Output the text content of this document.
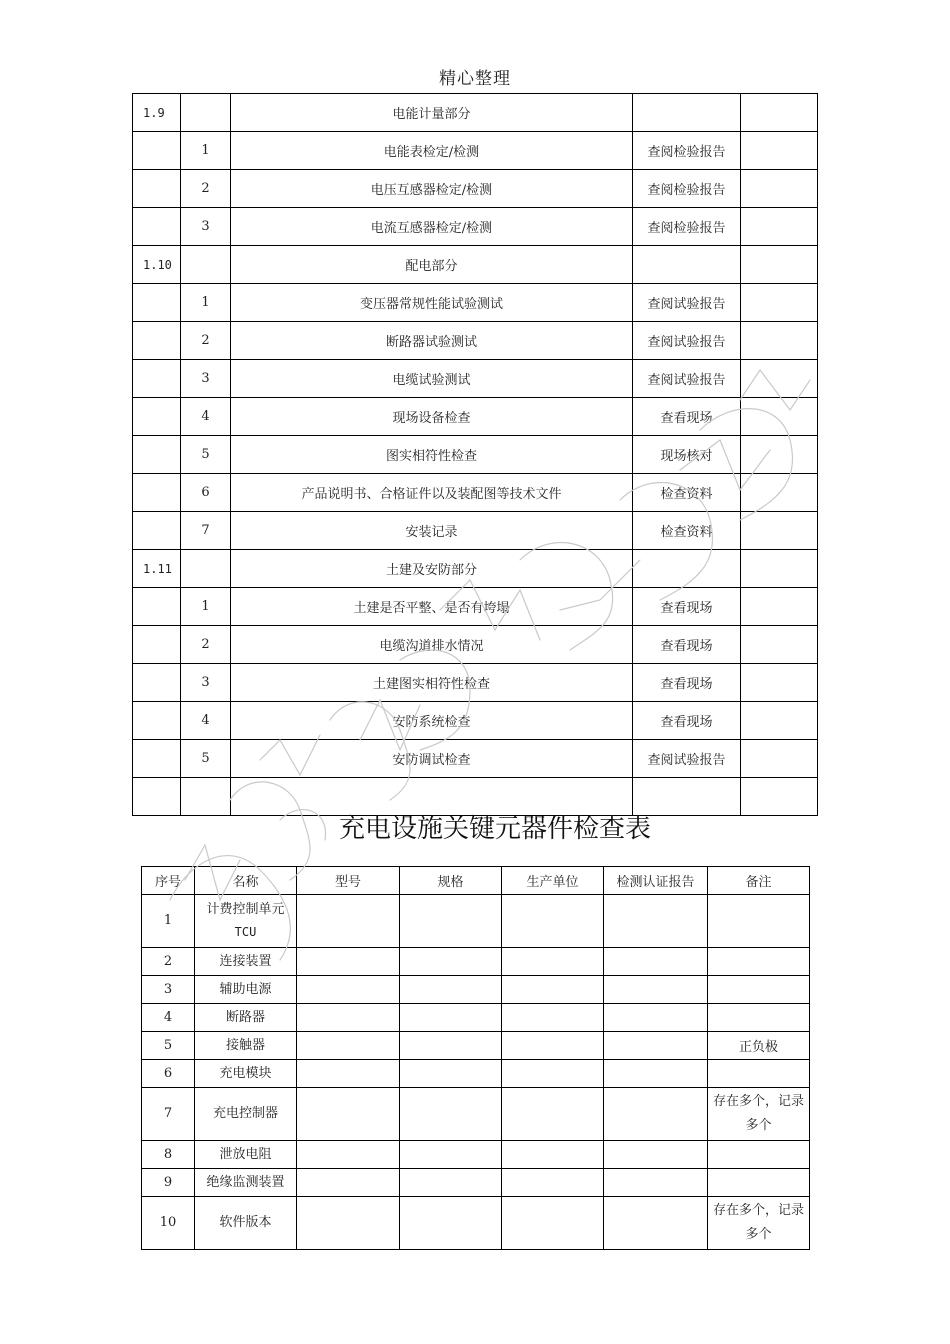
精心整理
1.9		电能计量部分		
	1	电能表检定/检测	查阅检验报告	
	2	电压互感器检定/检测	查阅检验报告	
	3	电流互感器检定/检测	查阅检验报告	
1.10		配电部分		
	1	变压器常规性能试验测试	查阅试验报告	
	2	断路器试验测试	查阅试验报告	
	3	电缆试验测试	查阅试验报告	
	4	现场设备检查	查看现场	
	5	图实相符性检查	现场核对	
	6	产品说明书、合格证件以及装配图等技术文件	检查资料	
	7	安装记录	检查资料	
1.11		土建及安防部分		
	1	土建是否平整、是否有垮塌	查看现场	
	2	电缆沟道排水情况	查看现场	
	3	土建图实相符性检查	查看现场	
	4	安防系统检查	查看现场	
	5	安防调试检查	查阅试验报告	

充电设施关键元器件检查表
序号	名称	型号	规格	生产单位	检测认证报告	备注
1	计费控制单元
TCU					

2	连接装置					

3	辅助电源					

4	断路器					

5	接触器					正负极

6	充电模块					

7	充电控制器					存在多个，记录
多个

8	泄放电阻					

9	绝缘监测装置					

10	软件版本					存在多个，记录
多个
